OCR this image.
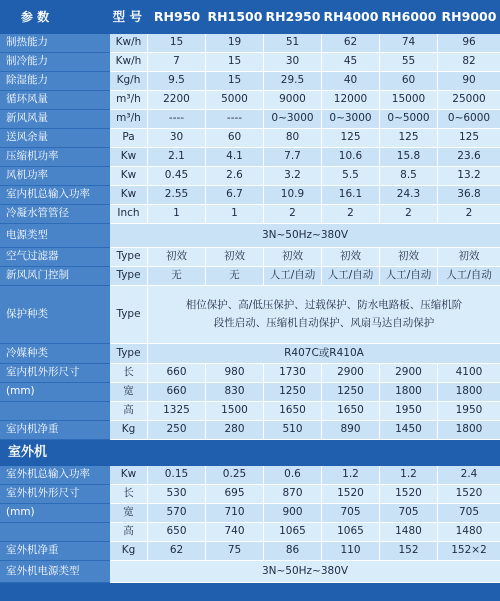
参 数	型 号 RH950 RH1500 RH2950 RH4000 RH6000 RH9000
制热能力	Kw/h	15	19	51	62	74	96
制冷能力	Kw/h	7	15	30	45	55	82
除湿能力	Kg/h	9.5	15	29.5	40	60	90
循环风量	m³/h	2200	5000	9000	12000	15000	25000
新风风量	m³/h	----	----	0~3000	0~3000	0~5000	0~6000
送风余量	Pa	30	60	80	125	125	125
压缩机功率	Kw	2.1	4.1	7.7	10.6	15.8	23.6
风机功率	Kw	0.45	2.6	3.2	5.5	8.5	13.2
室内机总输入功率	Kw	2.55	6.7	10.9	16.1	24.3	36.8
冷凝水管管径	Inch	1	1	2	2	2	2
电源类型	3N~50Hz~380V
空气过滤器	Type	初效	初效	初效	初效	初效	初效
新风风门控制	Type	无	无	人工/自动	人工/自动	人工/自动	人工/自动
保护种类	Type
相位保护、高/低压保护、过载保护、防水电路板、压缩机阶
段性启动、压缩机自动保护、风扇马达自动保护
冷媒种类	Type	R407C或R410A
室内机外形尺寸	长	660	980	1730	2900	2900	4100
(mm)	宽	660	830	1250	1250	1800	1800
高	1325	1500	1650	1650	1950	1950
室内机净重	Kg	250	280	510	890	1450	1800
室外机
室外机总输入功率	Kw	0.15	0.25	0.6	1.2	1.2	2.4
室外机外形尺寸	长	530	695	870	1520	1520	1520
(mm)	宽	570	710	900	705	705	705
高	650	740	1065	1065	1480	1480
室外机净重	Kg	62	75	86	110	152	152×2
室外机电源类型	3N~50Hz~380V
